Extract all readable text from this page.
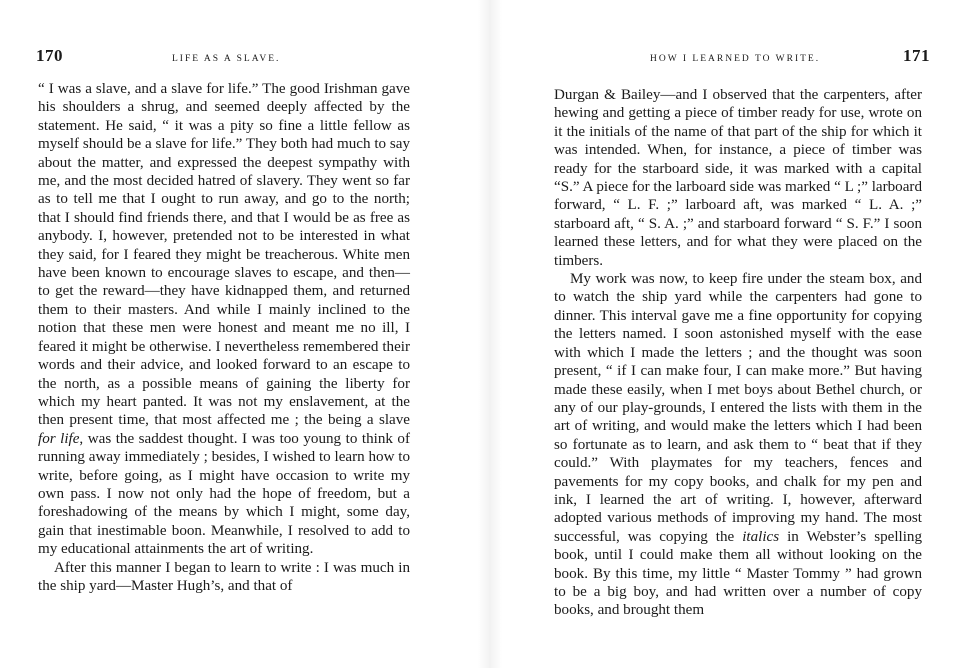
170	LIFE AS A SLAVE.

“ I was a slave, and a slave for life.” The good Irishman gave his shoulders a shrug, and seemed deeply affected by the statement. He said, “ it was a pity so fine a little fellow as myself should be a slave for life.” They both had much to say about the matter, and expressed the deepest sympathy with me, and the most decided hatred of slavery. They went so far as to tell me that I ought to run away, and go to the north; that I should find friends there, and that I would be as free as anybody. I, however, pretended not to be interested in what they said, for I feared they might be treacherous. White men have been known to encourage slaves to escape, and then—to get the reward—they have kidnapped them, and returned them to their masters. And while I mainly inclined to the notion that these men were honest and meant me no ill, I feared it might be otherwise. I nevertheless remembered their words and their advice, and looked forward to an escape to the north, as a possible means of gaining the liberty for which my heart panted. It was not my enslavement, at the then present time, that most affected me ; the being a slave for life, was the saddest thought. I was too young to think of running away immediately ; besides, I wished to learn how to write, before going, as I might have occasion to write my own pass. I now not only had the hope of freedom, but a foreshadowing of the means by which I might, some day, gain that inestimable boon. Meanwhile, I resolved to add to my educational attainments the art of writing.

After this manner I began to learn to write : I was much in the ship yard—Master Hugh’s, and that of

HOW I LEARNED TO WRITE.	171

Durgan & Bailey—and I observed that the carpenters, after hewing and getting a piece of timber ready for use, wrote on it the initials of the name of that part of the ship for which it was intended. When, for instance, a piece of timber was ready for the starboard side, it was marked with a capital “S.” A piece for the larboard side was marked “ L ;” larboard forward, “ L. F. ;” larboard aft, was marked “ L. A. ;” starboard aft, “ S. A. ;” and starboard forward “ S. F.” I soon learned these letters, and for what they were placed on the timbers.

My work was now, to keep fire under the steam box, and to watch the ship yard while the carpenters had gone to dinner. This interval gave me a fine opportunity for copying the letters named. I soon astonished myself with the ease with which I made the letters ; and the thought was soon present, “ if I can make four, I can make more.” But having made these easily, when I met boys about Bethel church, or any of our play-grounds, I entered the lists with them in the art of writing, and would make the letters which I had been so fortunate as to learn, and ask them to “ beat that if they could.” With playmates for my teachers, fences and pavements for my copy books, and chalk for my pen and ink, I learned the art of writing. I, however, afterward adopted various methods of improving my hand. The most successful, was copying the italics in Webster’s spelling book, until I could make them all without looking on the book. By this time, my little “ Master Tommy ” had grown to be a big boy, and had written over a number of copy books, and brought them
